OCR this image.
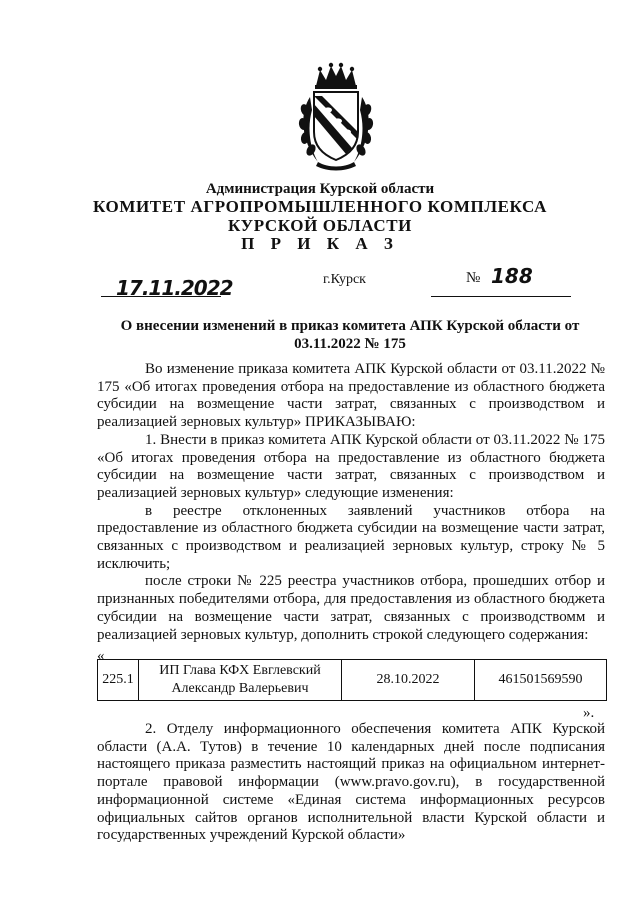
Администрация Курской области

КОМИТЕТ АГРОПРОМЫШЛЕННОГО КОМПЛЕКСА

КУРСКОЙ ОБЛАСТИ

П Р И К А З

17.11.2022	г.Курск	№ 188

О внесении изменений в приказ комитета АПК Курской области от 03.11.2022 № 175

Во изменение приказа комитета АПК Курской области от 03.11.2022 № 175 «Об итогах проведения отбора на предоставление из областного бюджета субсидии на возмещение части затрат, связанных с производством и реализацией зерновых культур» ПРИКАЗЫВАЮ:

1. Внести в приказ комитета АПК Курской области от 03.11.2022 № 175 «Об итогах проведения отбора на предоставление из областного бюджета субсидии на возмещение части затрат, связанных с производством и реализацией зерновых культур» следующие изменения:

в реестре отклоненных заявлений участников отбора на предоставление из областного бюджета субсидии на возмещение части затрат, связанных с производством и реализацией зерновых культур, строку № 5 исключить;

после строки № 225 реестра участников отбора, прошедших отбор и признанных победителями отбора, для предоставления из областного бюджета субсидии на возмещение части затрат, связанных с производствомм и реализацией зерновых культур, дополнить строкой следующего содержания:

«
225.1	ИП Глава КФХ Евглевский
Александр Валерьевич	28.10.2022	461501569590
».

2. Отделу информационного обеспечения комитета АПК Курской области (А.А. Тутов) в течение 10 календарных дней после подписания настоящего приказа разместить настоящий приказ на официальном интернет-портале правовой информации (www.pravo.gov.ru), в государственной информационной системе «Единая система информационных ресурсов официальных сайтов органов исполнительной власти Курской области и государственных учреждений Курской области»
